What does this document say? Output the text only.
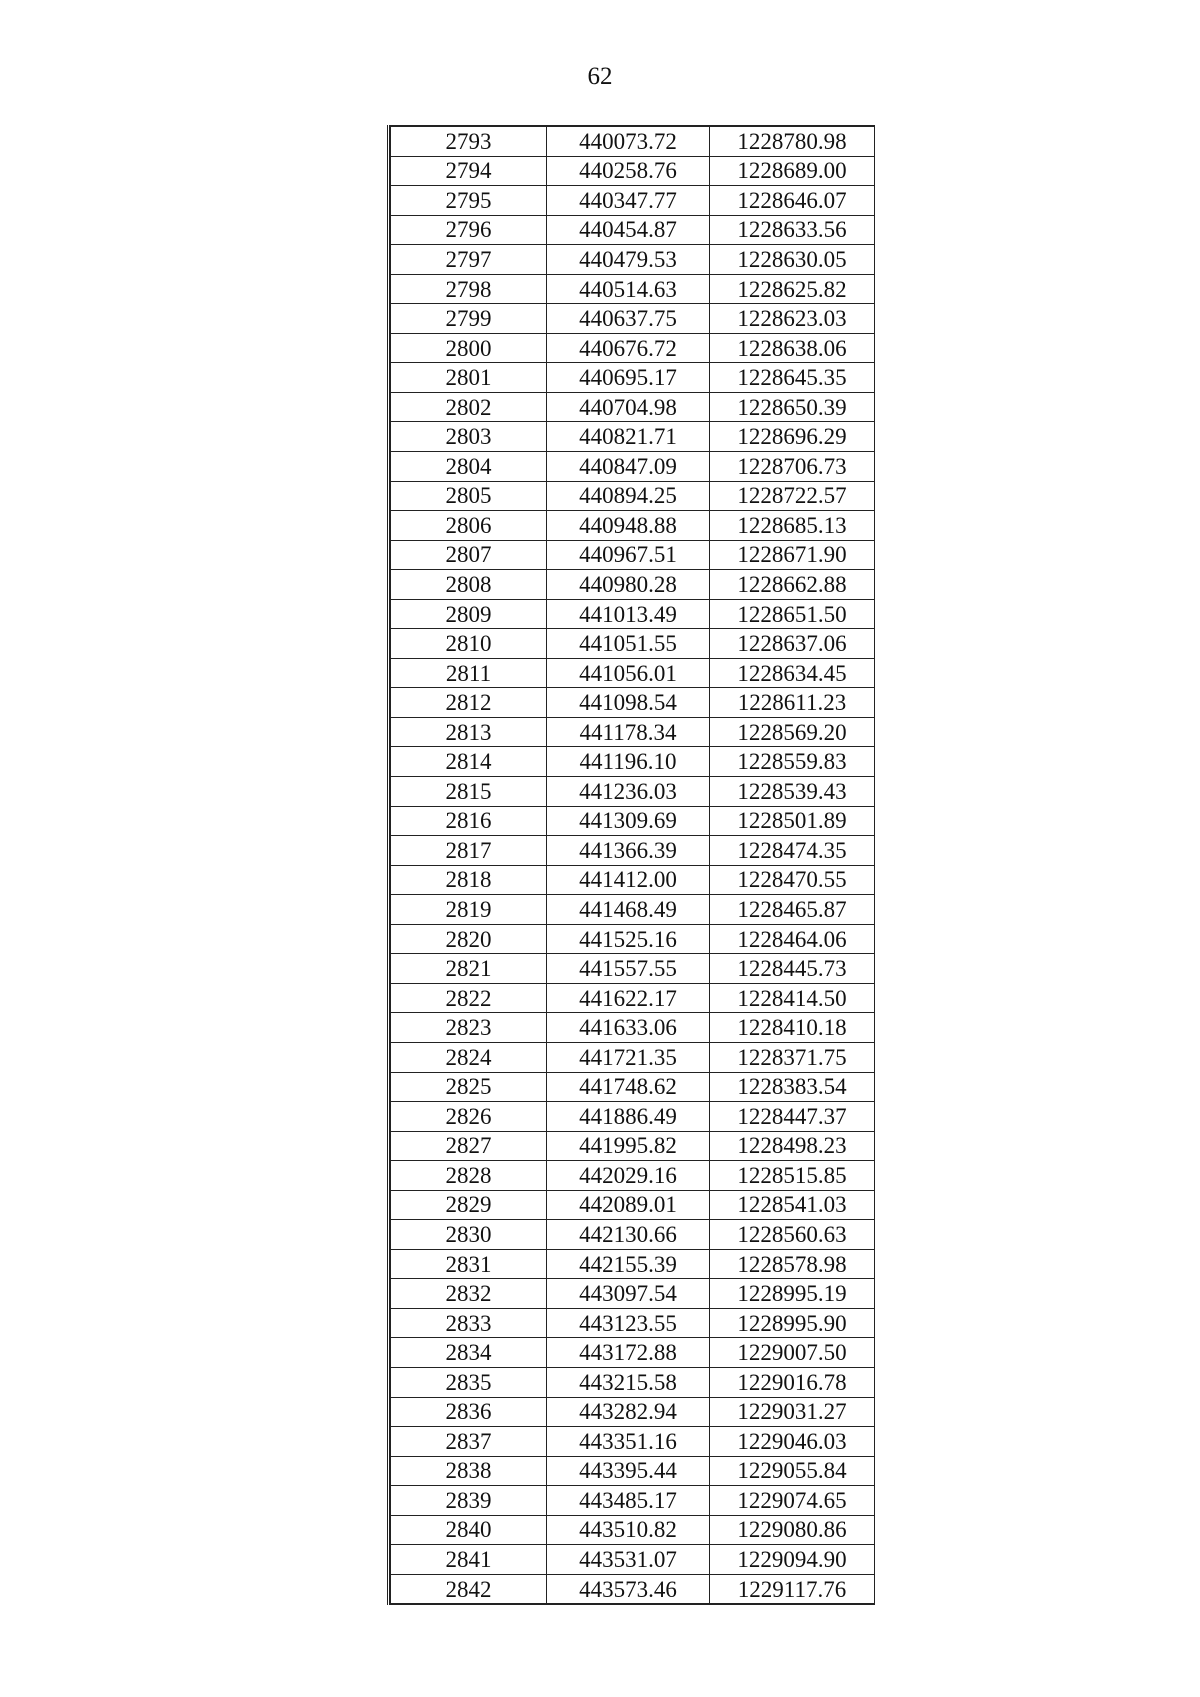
62
2793	440073.72	1228780.98
2794	440258.76	1228689.00
2795	440347.77	1228646.07
2796	440454.87	1228633.56
2797	440479.53	1228630.05
2798	440514.63	1228625.82
2799	440637.75	1228623.03
2800	440676.72	1228638.06
2801	440695.17	1228645.35
2802	440704.98	1228650.39
2803	440821.71	1228696.29
2804	440847.09	1228706.73
2805	440894.25	1228722.57
2806	440948.88	1228685.13
2807	440967.51	1228671.90
2808	440980.28	1228662.88
2809	441013.49	1228651.50
2810	441051.55	1228637.06
2811	441056.01	1228634.45
2812	441098.54	1228611.23
2813	441178.34	1228569.20
2814	441196.10	1228559.83
2815	441236.03	1228539.43
2816	441309.69	1228501.89
2817	441366.39	1228474.35
2818	441412.00	1228470.55
2819	441468.49	1228465.87
2820	441525.16	1228464.06
2821	441557.55	1228445.73
2822	441622.17	1228414.50
2823	441633.06	1228410.18
2824	441721.35	1228371.75
2825	441748.62	1228383.54
2826	441886.49	1228447.37
2827	441995.82	1228498.23
2828	442029.16	1228515.85
2829	442089.01	1228541.03
2830	442130.66	1228560.63
2831	442155.39	1228578.98
2832	443097.54	1228995.19
2833	443123.55	1228995.90
2834	443172.88	1229007.50
2835	443215.58	1229016.78
2836	443282.94	1229031.27
2837	443351.16	1229046.03
2838	443395.44	1229055.84
2839	443485.17	1229074.65
2840	443510.82	1229080.86
2841	443531.07	1229094.90
2842	443573.46	1229117.76
